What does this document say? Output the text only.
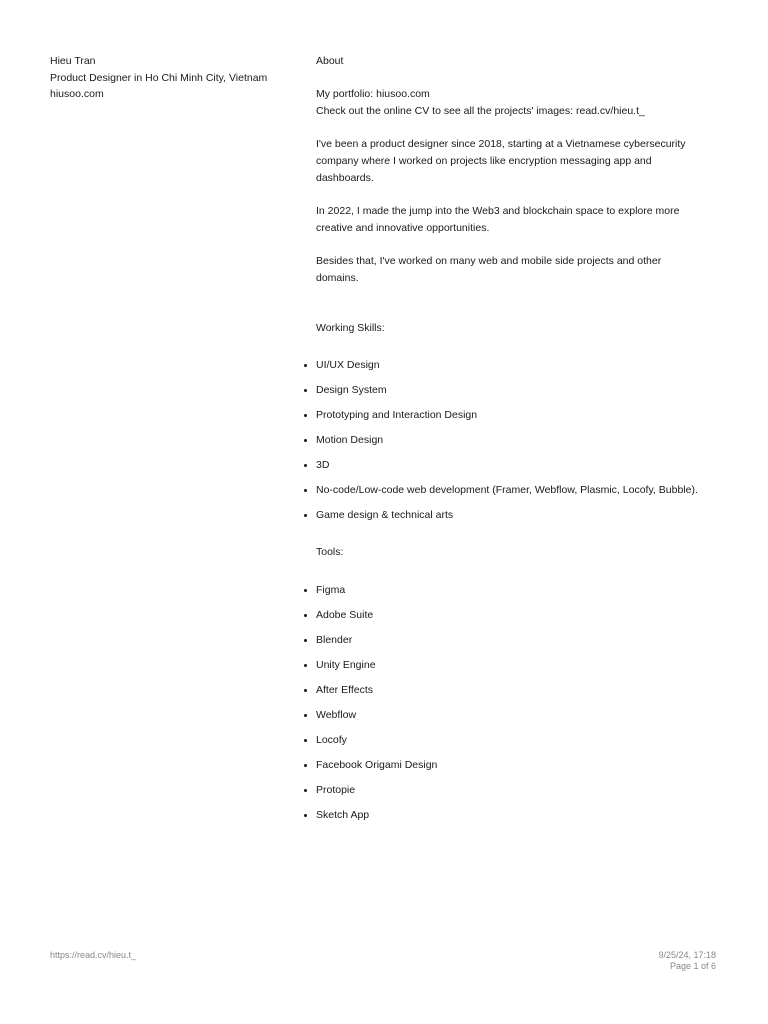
Hieu Tran
Product Designer in Ho Chi Minh City, Vietnam
hiusoo.com

About

My portfolio: hiusoo.com

Check out the online CV to see all the projects' images: read.cv/hieu.t_

I've been a product designer since 2018, starting at a Vietnamese cybersecurity company where I worked on projects like encryption messaging app and dashboards.

In 2022, I made the jump into the Web3 and blockchain space to explore more creative and innovative opportunities.

Besides that, I've worked on many web and mobile side projects and other domains.

Working Skills:

UI/UX Design
Design System
Prototyping and Interaction Design
Motion Design
3D
No-code/Low-code web development (Framer, Webflow, Plasmic, Locofy, Bubble).
Game design & technical arts

Tools:

Figma
Adobe Suite
Blender
Unity Engine
After Effects
Webflow
Locofy
Facebook Origami Design
Protopie
Sketch App
https://read.cv/hieu.t_	9/25/24, 17:18
Page 1 of 6
